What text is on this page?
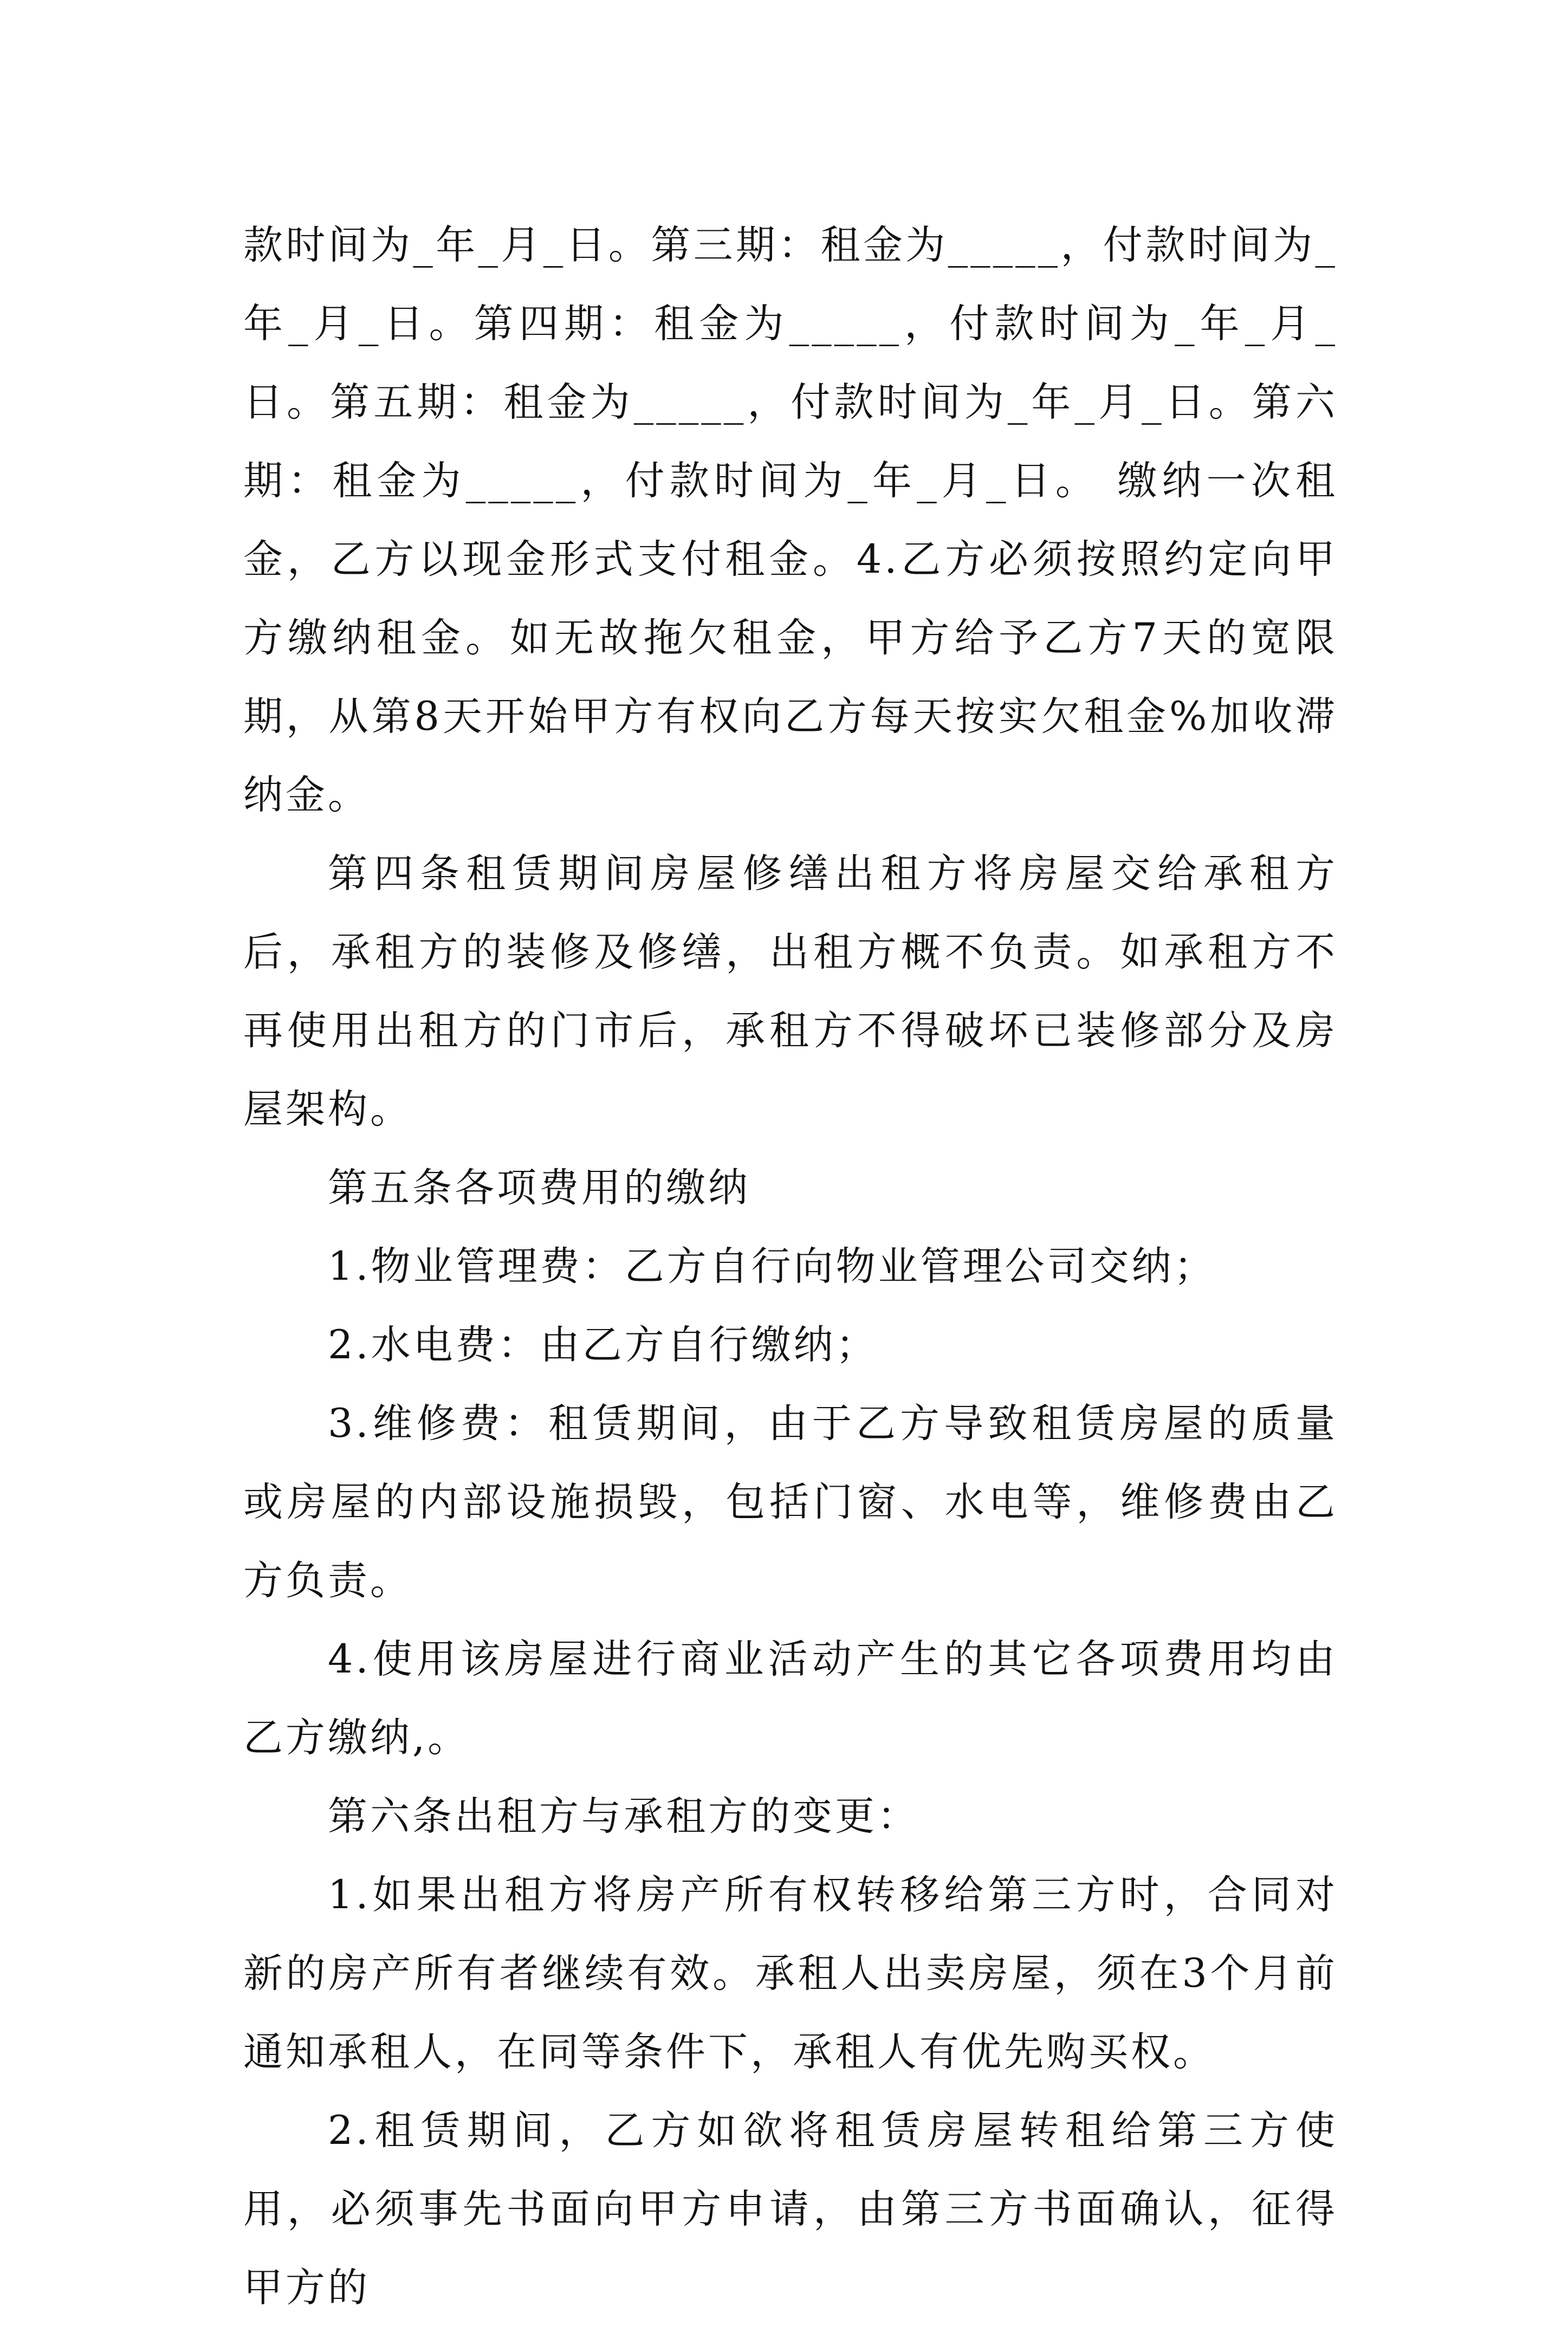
款时间为_年_月_日。第三期：租金为_____，付款时间为_年_月_日。第四期：租金为_____，付款时间为_年_月_日。第五期：租金为_____，付款时间为_年_月_日。第六期：租金为_____，付款时间为_年_月_日。 缴纳一次租金，乙方以现金形式支付租金。4.乙方必须按照约定向甲方缴纳租金。如无故拖欠租金，甲方给予乙方7天的宽限期，从第8天开始甲方有权向乙方每天按实欠租金%加收滞纳金。

第四条租赁期间房屋修缮出租方将房屋交给承租方后，承租方的装修及修缮，出租方概不负责。如承租方不再使用出租方的门市后，承租方不得破坏已装修部分及房屋架构。

第五条各项费用的缴纳

1.物业管理费：乙方自行向物业管理公司交纳；

2.水电费：由乙方自行缴纳；

3.维修费：租赁期间，由于乙方导致租赁房屋的质量或房屋的内部设施损毁，包括门窗、水电等，维修费由乙方负责。

4.使用该房屋进行商业活动产生的其它各项费用均由乙方缴纳,。

第六条出租方与承租方的变更：

1.如果出租方将房产所有权转移给第三方时，合同对新的房产所有者继续有效。承租人出卖房屋，须在3个月前通知承租人，在同等条件下，承租人有优先购买权。

2.租赁期间，乙方如欲将租赁房屋转租给第三方使用，必须事先书面向甲方申请，由第三方书面确认，征得甲方的
